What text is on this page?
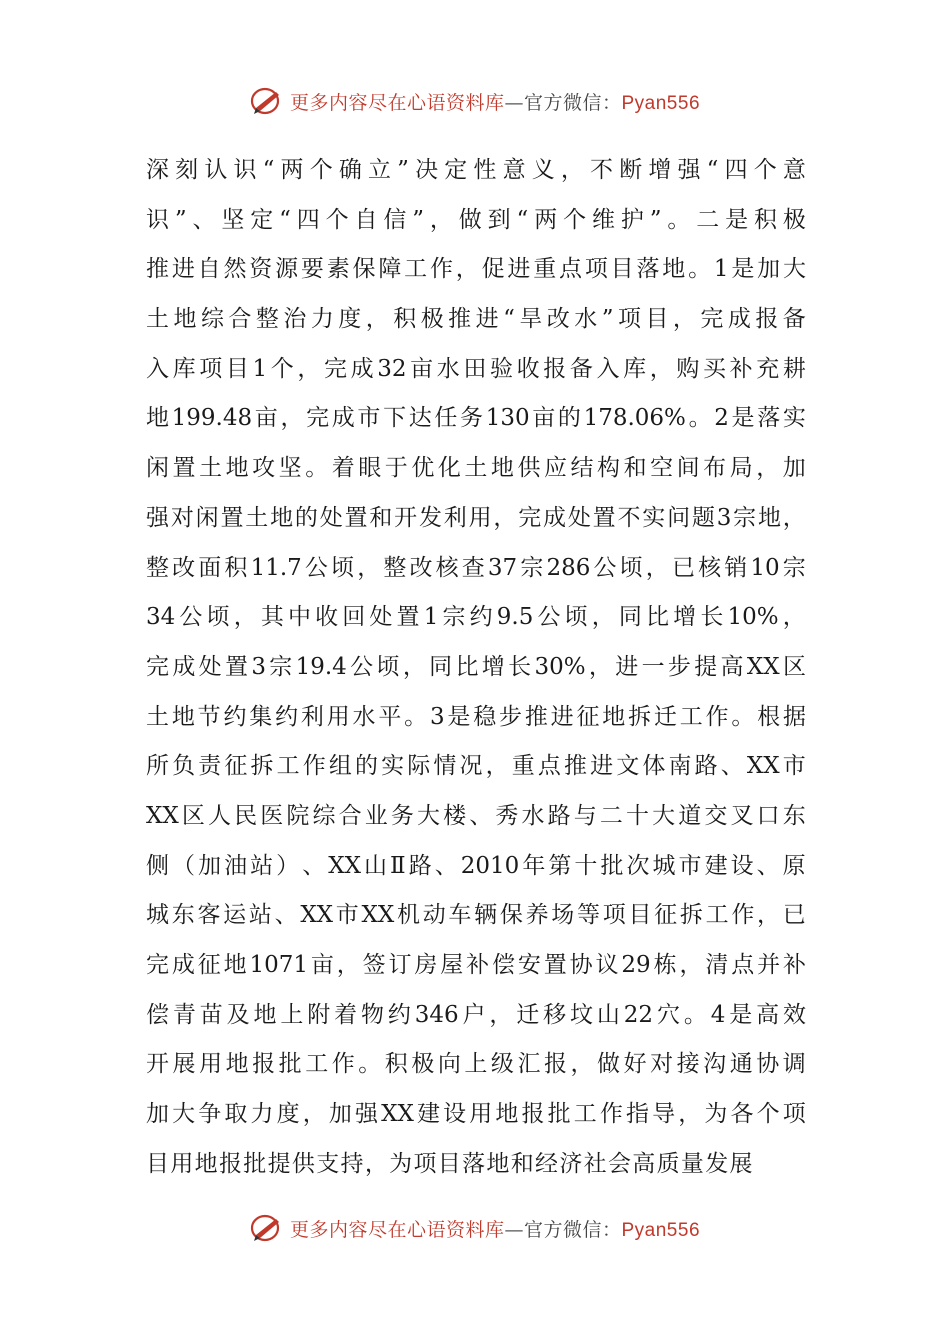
更多内容尽在心语资料库—官方微信：Pyan556
深 刻 认 识 “ 两 个 确 立 ” 决 定 性 意 义 ， 不 断 增 强 “ 四 个 意
识 ” 、 坚 定 “ 四 个 自 信 ” ， 做 到 “ 两 个 维 护 ” 。 二 是 积 极
推 进 自 然 资 源 要 素 保 障 工 作 ， 促 进 重 点 项 目 落 地 。 1 是 加 大
土 地 综 合 整 治 力 度 ， 积 极 推 进 “ 旱 改 水 ” 项 目 ， 完 成 报 备
入 库 项 目 1 个 ， 完 成 32 亩 水 田 验 收 报 备 入 库 ， 购 买 补 充 耕
地 199.48 亩 ， 完 成 市 下 达 任 务 130 亩 的 178.06% 。 2 是 落 实
闲 置 土 地 攻 坚 。 着 眼 于 优 化 土 地 供 应 结 构 和 空 间 布 局 ， 加
强 对 闲 置 土 地 的 处 置 和 开 发 利 用 ， 完 成 处 置 不 实 问 题 3 宗 地 ，
整 改 面 积 11.7 公 顷 ， 整 改 核 查 37 宗 286 公 顷 ， 已 核 销 10 宗
34 公 顷 ， 其 中 收 回 处 置 1 宗 约 9.5 公 顷 ， 同 比 增 长 10% ，
完 成 处 置 3 宗 19.4 公 顷 ， 同 比 增 长 30% ， 进 一 步 提 高 XX 区
土 地 节 约 集 约 利 用 水 平 。 3 是 稳 步 推 进 征 地 拆 迁 工 作 。 根 据
所 负 责 征 拆 工 作 组 的 实 际 情 况 ， 重 点 推 进 文 体 南 路 、 XX 市
XX 区 人 民 医 院 综 合 业 务 大 楼 、 秀 水 路 与 二 十 大 道 交 叉 口 东
侧 （ 加 油 站 ） 、 XX 山 Ⅱ 路 、 2010 年 第 十 批 次 城 市 建 设 、 原
城 东 客 运 站 、 XX 市 XX 机 动 车 辆 保 养 场 等 项 目 征 拆 工 作 ， 已
完 成 征 地 1071 亩 ， 签 订 房 屋 补 偿 安 置 协 议 29 栋 ， 清 点 并 补
偿 青 苗 及 地 上 附 着 物 约 346 户 ， 迁 移 坟 山 22 穴 。 4 是 高 效
开 展 用 地 报 批 工 作 。 积 极 向 上 级 汇 报 ， 做 好 对 接 沟 通 协 调
加 大 争 取 力 度 ， 加 强 XX 建 设 用 地 报 批 工 作 指 导 ， 为 各 个 项
目 用 地 报 批 提 供 支 持 ， 为 项 目 落 地 和 经 济 社 会 高 质 量 发 展
更多内容尽在心语资料库—官方微信：Pyan556
